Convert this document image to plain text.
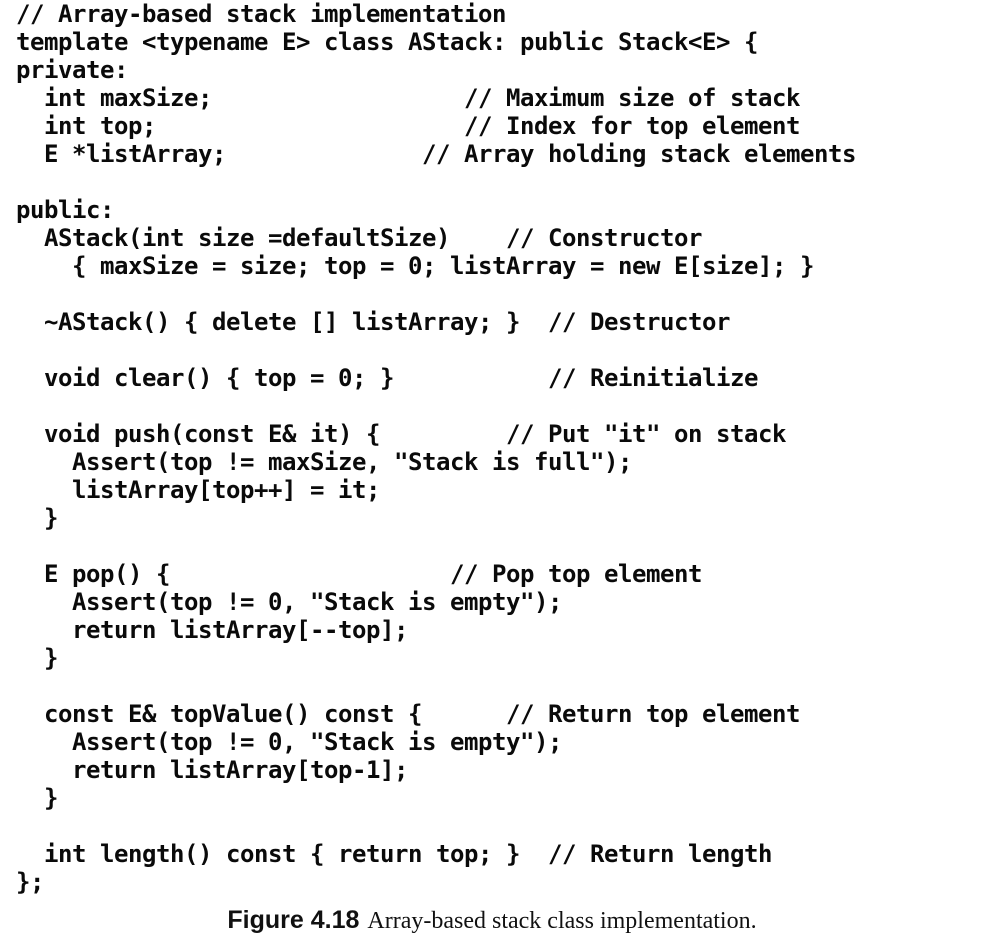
// Array-based stack implementation
template <typename E> class AStack: public Stack<E> {
private:
int maxSize;                  // Maximum size of stack
int top;                      // Index for top element
E *listArray;              // Array holding stack elements
public:
AStack(int size =defaultSize)    // Constructor
{ maxSize = size; top = 0; listArray = new E[size]; }
~AStack() { delete [] listArray; }  // Destructor
void clear() { top = 0; }           // Reinitialize
void push(const E& it) {         // Put "it" on stack
Assert(top != maxSize, "Stack is full");
listArray[top++] = it;
}
E pop() {                    // Pop top element
Assert(top != 0, "Stack is empty");
return listArray[--top];
}
const E& topValue() const {      // Return top element
Assert(top != 0, "Stack is empty");
return listArray[top-1];
}
int length() const { return top; }  // Return length
};
Figure 4.18 Array-based stack class implementation.
